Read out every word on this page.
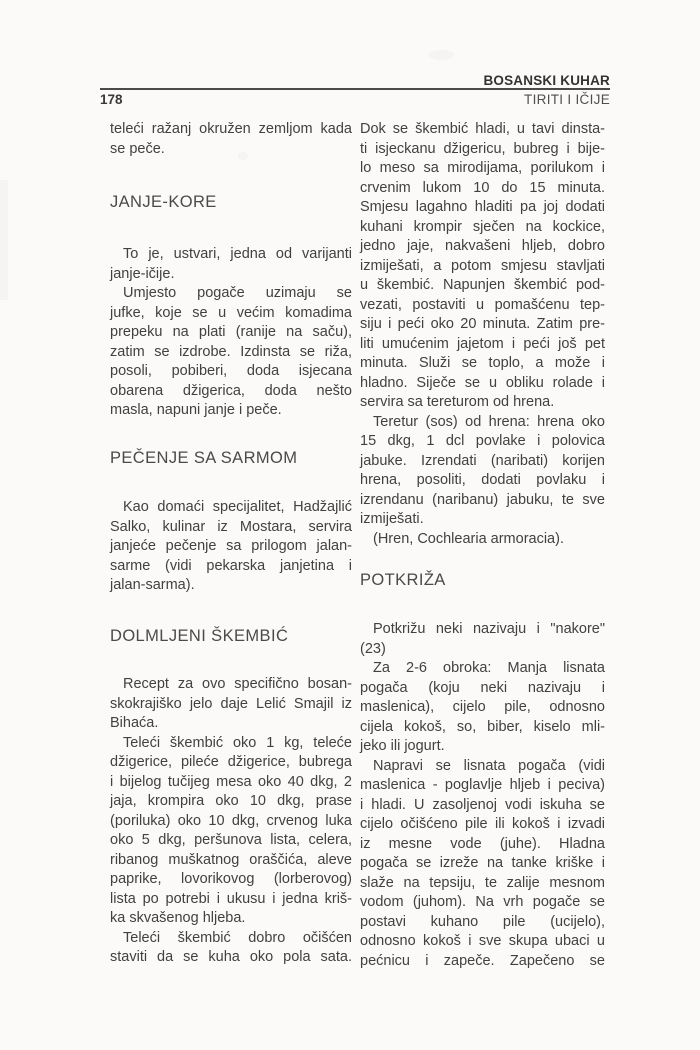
BOSANSKI KUHAR
178	TIRITI I IČIJE
teleći ražanj okružen zemljom kada
se peče.
JANJE-KORE
To je, ustvari, jedna od varijanti
janje-ičije.
Umjesto pogače uzimaju se
jufke, koje se u većim komadima
prepeku na plati (ranije na saču),
zatim se izdrobe. Izdinsta se riža,
posoli, pobiberi, doda isjecana
obarena džigerica, doda nešto
masla, napuni janje i peče.
PEČENJE SA SARMOM
Kao domaći specijalitet, Hadžajlić
Salko, kulinar iz Mostara, servira
janjeće pečenje sa prilogom jalan-
sarme (vidi pekarska janjetina i
jalan-sarma).
DOLMLJENI ŠKEMBIĆ
Recept za ovo specifično bosan-
skokrajiško jelo daje Lelić Smajil iz
Bihaća.
Teleći škembić oko 1 kg, teleće
džigerice, pileće džigerice, bubrega
i bijelog tučijeg mesa oko 40 dkg, 2
jaja, krompira oko 10 dkg, prase
(poriluka) oko 10 dkg, crvenog luka
oko 5 dkg, peršunova lista, celera,
ribanog muškatnog oraščića, aleve
paprike, lovorikovog (lorberovog)
lista po potrebi i ukusu i jedna kriš-
ka skvašenog hljeba.
Teleći škembić dobro očišćen
staviti da se kuha oko pola sata.
Dok se škembić hladi, u tavi dinsta-
ti isjeckanu džigericu, bubreg i bije-
lo meso sa mirodijama, porilukom i
crvenim lukom 10 do 15 minuta.
Smjesu lagahno hladiti pa joj dodati
kuhani krompir sječen na kockice,
jedno jaje, nakvašeni hljeb, dobro
izmiješati, a potom smjesu stavljati
u škembić. Napunjen škembić pod-
vezati, postaviti u pomašćenu tep-
siju i peći oko 20 minuta. Zatim pre-
liti umućenim jajetom i peći još pet
minuta. Služi se toplo, a može i
hladno. Siječe se u obliku rolade i
servira sa tereturom od hrena.
Teretur (sos) od hrena: hrena oko
15 dkg, 1 dcl povlake i polovica
jabuke. Izrendati (naribati) korijen
hrena, posoliti, dodati povlaku i
izrendanu (naribanu) jabuku, te sve
izmiješati.
(Hren, Cochlearia armoracia).
POTKRIŽA
Potkrižu neki nazivaju i "nakore"
(23)
Za 2-6 obroka: Manja lisnata
pogača (koju neki nazivaju i
maslenica), cijelo pile, odnosno
cijela kokoš, so, biber, kiselo mli-
jeko ili jogurt.
Napravi se lisnata pogača (vidi
maslenica - poglavlje hljeb i peciva)
i hladi. U zasoljenoj vodi iskuha se
cijelo očišćeno pile ili kokoš i izvadi
iz mesne vode (juhe). Hladna
pogača se izreže na tanke kriške i
slaže na tepsiju, te zalije mesnom
vodom (juhom). Na vrh pogače se
postavi kuhano pile (ucijelo),
odnosno kokoš i sve skupa ubaci u
pećnicu i zapeče. Zapečeno se
